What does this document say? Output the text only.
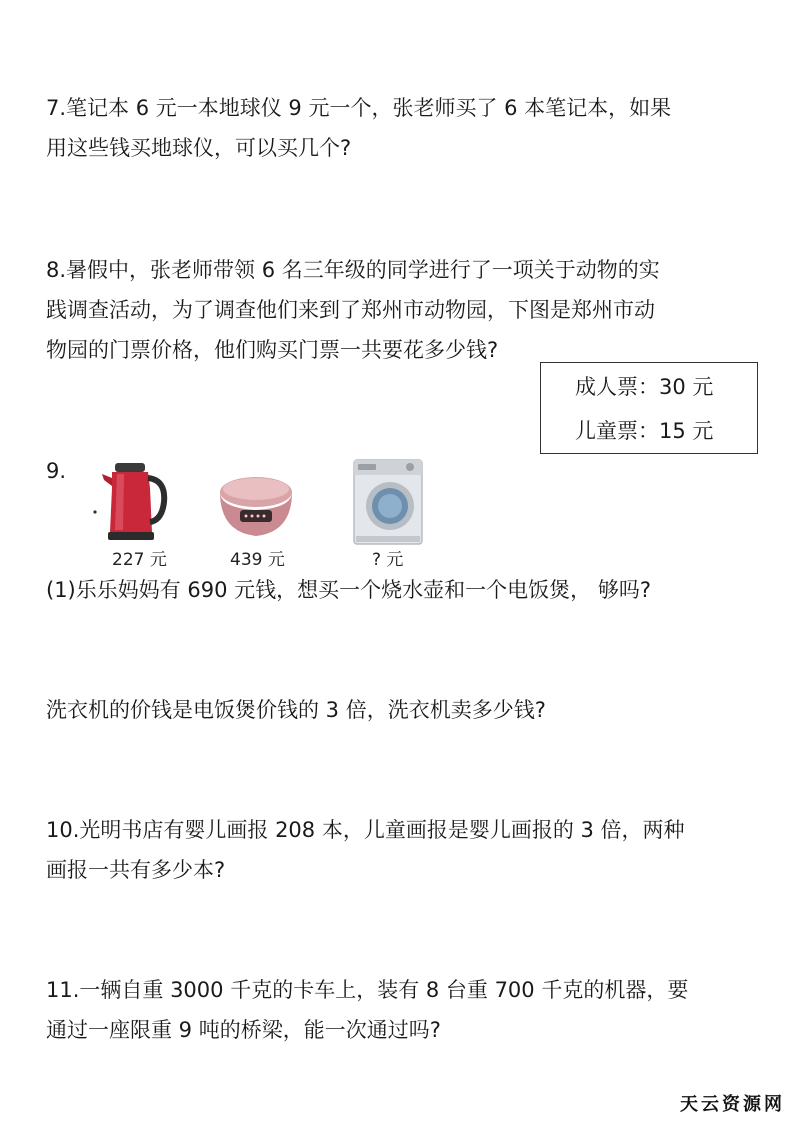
7.笔记本 6 元一本地球仪 9 元一个，张老师买了 6 本笔记本，如果

用这些钱买地球仪，可以买几个?

8.暑假中，张老师带领 6 名三年级的同学进行了一项关于动物的实

践调查活动，为了调查他们来到了郑州市动物园，下图是郑州市动

物园的门票价格，他们购买门票一共要花多少钱?

成人票：30 元
儿童票：15 元

9.

227 元	439 元	? 元

(1)乐乐妈妈有 690 元钱，想买一个烧水壶和一个电饭煲， 够吗?

洗衣机的价钱是电饭煲价钱的 3 倍，洗衣机卖多少钱?

10.光明书店有婴儿画报 208 本，儿童画报是婴儿画报的 3 倍，两种

画报一共有多少本?

11.一辆自重 3000 千克的卡车上，装有 8 台重 700 千克的机器，要

通过一座限重 9 吨的桥梁，能一次通过吗?

天云资源网
